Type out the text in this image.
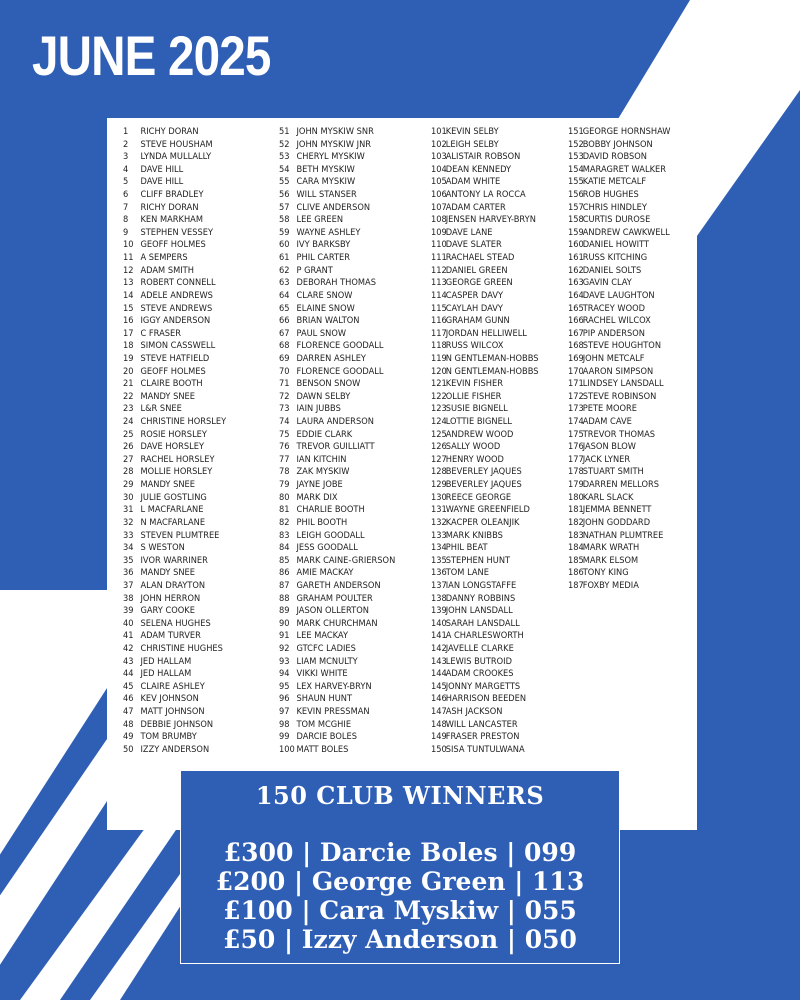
JUNE 2025
1 RICHY DORAN
2 STEVE HOUSHAM
3 LYNDA MULLALLY
4 DAVE HILL
5 DAVE HILL
6 CLIFF BRADLEY
7 RICHY DORAN
8 KEN MARKHAM
9 STEPHEN VESSEY
10 GEOFF HOLMES
11 A SEMPERS
12 ADAM SMITH
13 ROBERT CONNELL
14 ADELE ANDREWS
15 STEVE ANDREWS
16 IGGY ANDERSON
17 C FRASER
18 SIMON CASSWELL
19 STEVE HATFIELD
20 GEOFF HOLMES
21 CLAIRE BOOTH
22 MANDY SNEE
23 L&R SNEE
24 CHRISTINE HORSLEY
25 ROSIE HORSLEY
26 DAVE HORSLEY
27 RACHEL HORSLEY
28 MOLLIE HORSLEY
29 MANDY SNEE
30 JULIE GOSTLING
31 L MACFARLANE
32 N MACFARLANE
33 STEVEN PLUMTREE
34 S WESTON
35 IVOR WARRINER
36 MANDY SNEE
37 ALAN DRAYTON
38 JOHN HERRON
39 GARY COOKE
40 SELENA HUGHES
41 ADAM TURVER
42 CHRISTINE HUGHES
43 JED HALLAM
44 JED HALLAM
45 CLAIRE ASHLEY
46 KEV JOHNSON
47 MATT JOHNSON
48 DEBBIE JOHNSON
49 TOM BRUMBY
50 IZZY ANDERSON
51 JOHN MYSKIW SNR
52 JOHN MYSKIW JNR
53 CHERYL MYSKIW
54 BETH MYSKIW
55 CARA MYSKIW
56 WILL STANSER
57 CLIVE ANDERSON
58 LEE GREEN
59 WAYNE ASHLEY
60 IVY BARKSBY
61 PHIL CARTER
62 P GRANT
63 DEBORAH THOMAS
64 CLARE SNOW
65 ELAINE SNOW
66 BRIAN WALTON
67 PAUL SNOW
68 FLORENCE GOODALL
69 DARREN ASHLEY
70 FLORENCE GOODALL
71 BENSON SNOW
72 DAWN SELBY
73 IAIN JUBBS
74 LAURA ANDERSON
75 EDDIE CLARK
76 TREVOR GUILLIATT
77 IAN KITCHIN
78 ZAK MYSKIW
79 JAYNE JOBE
80 MARK DIX
81 CHARLIE BOOTH
82 PHIL BOOTH
83 LEIGH GOODALL
84 JESS GOODALL
85 MARK CAINE-GRIERSON
86 AMIE MACKAY
87 GARETH ANDERSON
88 GRAHAM POULTER
89 JASON OLLERTON
90 MARK CHURCHMAN
91 LEE MACKAY
92 GTCFC LADIES
93 LIAM MCNULTY
94 VIKKI WHITE
95 LEX HARVEY-BRYN
96 SHAUN HUNT
97 KEVIN PRESSMAN
98 TOM MCGHIE
99 DARCIE BOLES
100 MATT BOLES
101KEVIN SELBY
102LEIGH SELBY
103ALISTAIR ROBSON
104DEAN KENNEDY
105ADAM WHITE
106ANTONY LA ROCCA
107ADAM CARTER
108JENSEN HARVEY-BRYN
109DAVE LANE
110DAVE SLATER
111RACHAEL STEAD
112DANIEL GREEN
113GEORGE GREEN
114CASPER DAVY
115CAYLAH DAVY
116GRAHAM GUNN
117JORDAN HELLIWELL
118RUSS WILCOX
119N GENTLEMAN-HOBBS
120N GENTLEMAN-HOBBS
121KEVIN FISHER
122OLLIE FISHER
123SUSIE BIGNELL
124LOTTIE BIGNELL
125ANDREW WOOD
126SALLY WOOD
127HENRY WOOD
128BEVERLEY JAQUES
129BEVERLEY JAQUES
130REECE GEORGE
131WAYNE GREENFIELD
132KACPER OLEANJIK
133MARK KNIBBS
134PHIL BEAT
135STEPHEN HUNT
136TOM LANE
137IAN LONGSTAFFE
138DANNY ROBBINS
139JOHN LANSDALL
140SARAH LANSDALL
141A CHARLESWORTH
142JAVELLE CLARKE
143LEWIS BUTROID
144ADAM CROOKES
145JONNY MARGETTS
146HARRISON BEEDEN
147ASH JACKSON
148WILL LANCASTER
149FRASER PRESTON
150SISA TUNTULWANA
151GEORGE HORNSHAW
152BOBBY JOHNSON
153DAVID ROBSON
154MARAGRET WALKER
155KATIE METCALF
156ROB HUGHES
157CHRIS HINDLEY
158CURTIS DUROSE
159ANDREW CAWKWELL
160DANIEL HOWITT
161RUSS KITCHING
162DANIEL SOLTS
163GAVIN CLAY
164DAVE LAUGHTON
165TRACEY WOOD
166RACHEL WILCOX
167PIP ANDERSON
168STEVE HOUGHTON
169JOHN METCALF
170AARON SIMPSON
171LINDSEY LANSDALL
172STEVE ROBINSON
173PETE MOORE
174ADAM CAVE
175TREVOR THOMAS
176JASON BLOW
177JACK LYNER
178STUART SMITH
179DARREN MELLORS
180KARL SLACK
181JEMMA BENNETT
182JOHN GODDARD
183NATHAN PLUMTREE
184MARK WRATH
185MARK ELSOM
186TONY KING
187FOXBY MEDIA
150 CLUB WINNERS
£300 | Darcie Boles | 099
£200 | George Green | 113
£100 | Cara Myskiw | 055
£50 | Izzy Anderson | 050
